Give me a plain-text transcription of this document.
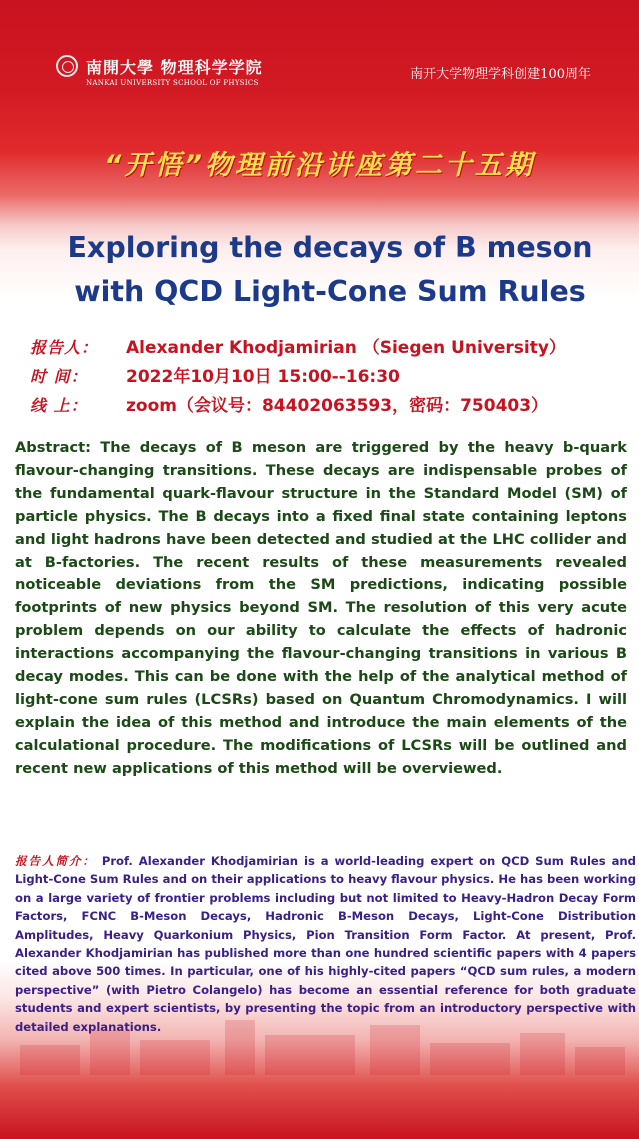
南開大學 物理科学学院
NANKAI UNIVERSITY SCHOOL OF PHYSICS
南开大学物理学科创建100周年
“开悟”物理前沿讲座第二十五期
Exploring the decays of B meson
with QCD Light-Cone Sum Rules
报告人： Alexander Khodjamirian （Siegen University）
时 间： 2022年10月10日 15:00--16:30
线 上： zoom（会议号：84402063593，密码：750403）

Abstract: The decays of B meson are triggered by the heavy b-quark flavour-changing transitions. These decays are indispensable probes of the fundamental quark-flavour structure in the Standard Model (SM) of particle physics. The B decays into a fixed final state containing leptons and light hadrons have been detected and studied at the LHC collider and at B-factories. The recent results of these measurements revealed noticeable deviations from the SM predictions, indicating possible footprints of new physics beyond SM. The resolution of this very acute problem depends on our ability to calculate the effects of hadronic interactions accompanying the flavour-changing transitions in various B decay modes. This can be done with the help of the analytical method of light-cone sum rules (LCSRs) based on Quantum Chromodynamics. I will explain the idea of this method and introduce the main elements of the calculational procedure. The modifications of LCSRs will be outlined and recent new applications of this method will be overviewed.

报告人简介： Prof. Alexander Khodjamirian is a world-leading expert on QCD Sum Rules and Light-Cone Sum Rules and on their applications to heavy flavour physics. He has been working on a large variety of frontier problems including but not limited to Heavy-Hadron Decay Form Factors, FCNC B-Meson Decays, Hadronic B-Meson Decays, Light-Cone Distribution Amplitudes, Heavy Quarkonium Physics, Pion Transition Form Factor. At present, Prof. Alexander Khodjamirian has published more than one hundred scientific papers with 4 papers cited above 500 times. In particular, one of his highly-cited papers “QCD sum rules, a modern perspective” (with Pietro Colangelo) has become an essential reference for both graduate students and expert scientists, by presenting the topic from an introductory perspective with detailed explanations.
